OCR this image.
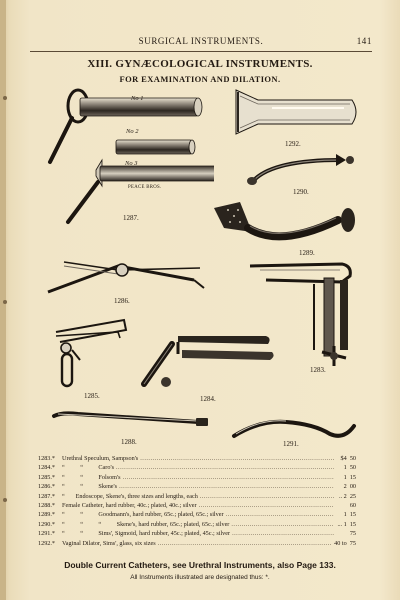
SURGICAL INSTRUMENTS.	141
XIII. GYNÆCOLOGICAL INSTRUMENTS.
FOR EXAMINATION AND DILATION.
No 1
No 2
No 3
PEACE BROS.
1287.
1292.
1290.
1289.
1286.
1283.
1285.	1284.
1288.	1291.
1283.*	Urethral Speculum, Sampson's .....	$4  50
1284.*	“          “          Caro's .....	1  50
1285.*	“          “          Folsom's .....	1  15
1286.*	“          “          Skene's .....	2  00
1287.*	“       Endoscope, Skene's, three sizes and lengths, each .....	.. 2  25
1288.*	Female Catheter, hard rubber, 40c.; plated, 40c.; silver .....	60
1289.*	“          “          Goodmann's, hard rubber, 65c.; plated, 65c.; silver .....	1  15
1290.*	“          “          “          Skene's, hard rubber, 65c.; plated, 65c.; silver .....	... 1  15
1291.*	“          “          Sims', Sigmoid, hard rubber, 45c.; plated, 45c.; silver .....	75
1292.*	Vaginal Dilator, Sims', glass, six sizes .....	40 to  75
Double Current Catheters, see Urethral Instruments, also Page 133.
All Instruments illustrated are designated thus: *.
